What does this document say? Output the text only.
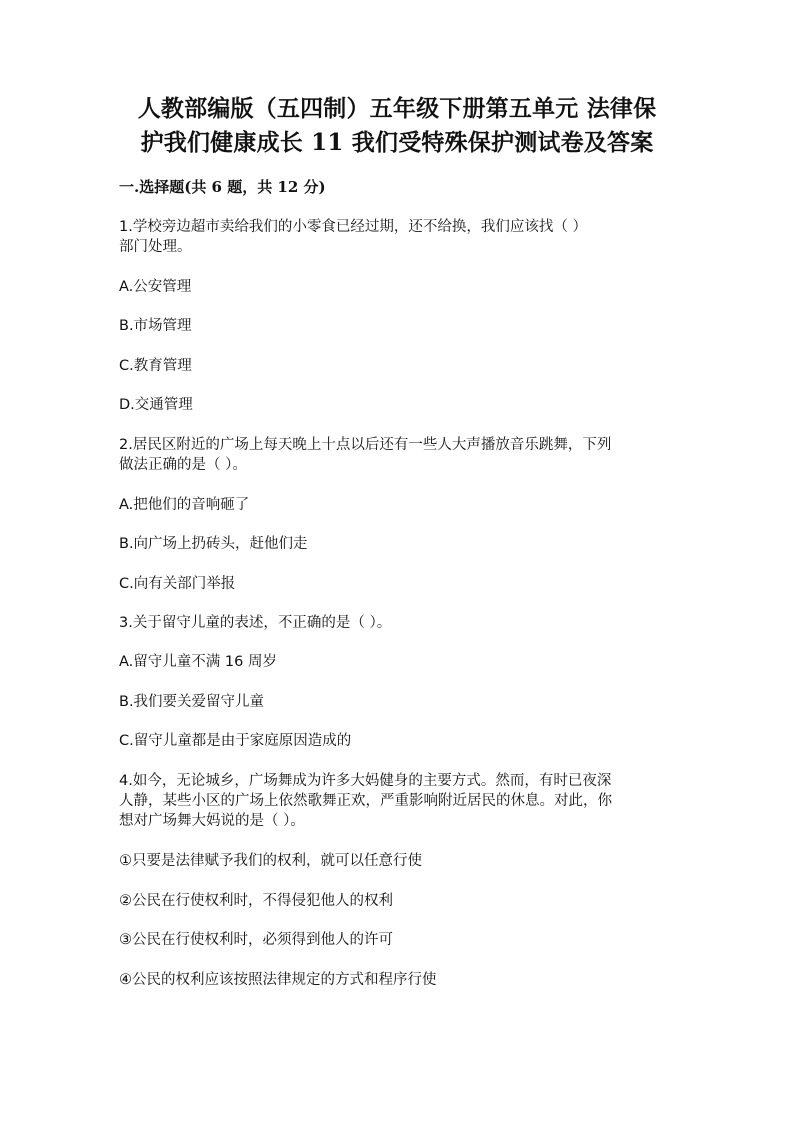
人教部编版（五四制）五年级下册第五单元 法律保
护我们健康成长 11 我们受特殊保护测试卷及答案
一.选择题(共 6 题，共 12 分)
1.学校旁边超市卖给我们的小零食已经过期，还不给换，我们应该找（ ）
部门处理。
A.公安管理
B.市场管理
C.教育管理
D.交通管理
2.居民区附近的广场上每天晚上十点以后还有一些人大声播放音乐跳舞，下列
做法正确的是（ ）。
A.把他们的音响砸了
B.向广场上扔砖头，赶他们走
C.向有关部门举报
3.关于留守儿童的表述，不正确的是（ ）。
A.留守儿童不满 16 周岁
B.我们要关爱留守儿童
C.留守儿童都是由于家庭原因造成的
4.如今，无论城乡，广场舞成为许多大妈健身的主要方式。然而，有时已夜深
人静，某些小区的广场上依然歌舞正欢，严重影响附近居民的休息。对此，你
想对广场舞大妈说的是（ ）。
①只要是法律赋予我们的权利，就可以任意行使
②公民在行使权利时，不得侵犯他人的权利
③公民在行使权利时，必须得到他人的许可
④公民的权利应该按照法律规定的方式和程序行使
